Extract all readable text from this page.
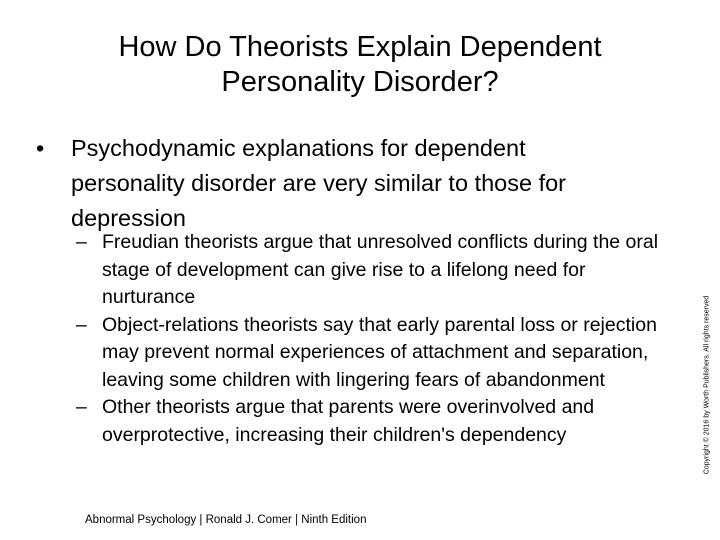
How Do Theorists Explain Dependent
Personality Disorder?
•	Psychodynamic explanations for dependent personality disorder are very similar to those for depression
– Freudian theorists argue that unresolved conflicts during the oral stage of development can give rise to a lifelong need for nurturance
– Object-relations theorists say that early parental loss or rejection may prevent normal experiences of attachment and separation, leaving some children with lingering fears of abandonment
– Other theorists argue that parents were overinvolved and overprotective, increasing their children's dependency
Abnormal Psychology | Ronald J. Comer | Ninth Edition
Copyright © 2016 by Worth Publishers. All rights reserved
